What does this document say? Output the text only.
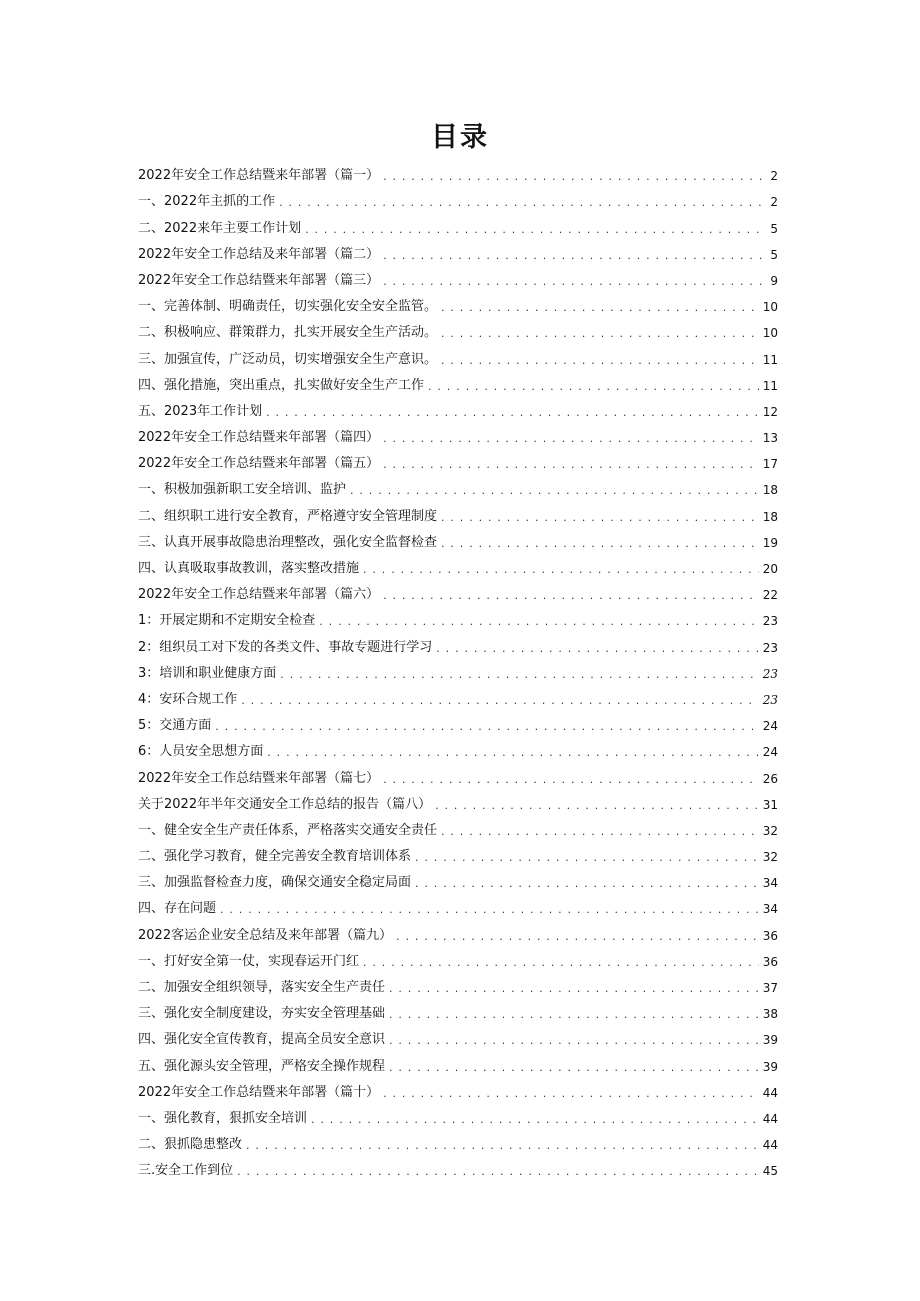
目录
2022年安全工作总结暨来年部署（篇一） . . .	2
一、2022年主抓的工作 . . .	2
二、2022来年主要工作计划 . . .	5
2022年安全工作总结及来年部署（篇二） . . .	5
2022年安全工作总结暨来年部署（篇三） . . .	9
一、完善体制、明确责任，切实强化安全安全监管。 . . .	10
二、积极响应、群策群力，扎实开展安全生产活动。 . . .	10
三、加强宣传，广泛动员，切实增强安全生产意识。 . . .	11
四、强化措施，突出重点，扎实做好安全生产工作 . . .	11
五、2023年工作计划 . . .	12
2022年安全工作总结暨来年部署（篇四） . . .	13
2022年安全工作总结暨来年部署（篇五） . . .	17
一、积极加强新职工安全培训、监护 . . .	18
二、组织职工进行安全教育，严格遵守安全管理制度 . . .	18
三、认真开展事故隐患治理整改，强化安全监督检查 . . .	19
四、认真吸取事故教训，落实整改措施 . . .	20
2022年安全工作总结暨来年部署（篇六） . . .	22
1：开展定期和不定期安全检查 . . .	23
2：组织员工对下发的各类文件、事故专题进行学习 . . .	23
3：培训和职业健康方面 . . .	23
4：安环合规工作 . . .	23
5：交通方面 . . .	24
6：人员安全思想方面 . . .	24
2022年安全工作总结暨来年部署（篇七） . . .	26
关于2022年半年交通安全工作总结的报告（篇八） . . .	31
一、健全安全生产责任体系，严格落实交通安全责任 . . .	32
二、强化学习教育，健全完善安全教育培训体系 . . .	32
三、加强监督检查力度，确保交通安全稳定局面 . . .	34
四、存在问题 . . .	34
2022客运企业安全总结及来年部署（篇九） . . .	36
一、打好安全第一仗，实现春运开门红 . . .	36
二、加强安全组织领导，落实安全生产责任 . . .	37
三、强化安全制度建设，夯实安全管理基础 . . .	38
四、强化安全宣传教育，提高全员安全意识 . . .	39
五、强化源头安全管理，严格安全操作规程 . . .	39
2022年安全工作总结暨来年部署（篇十） . . .	44
一、强化教育，狠抓安全培训 . . .	44
二、狠抓隐患整改 . . .	44
三.安全工作到位 . . .	45
